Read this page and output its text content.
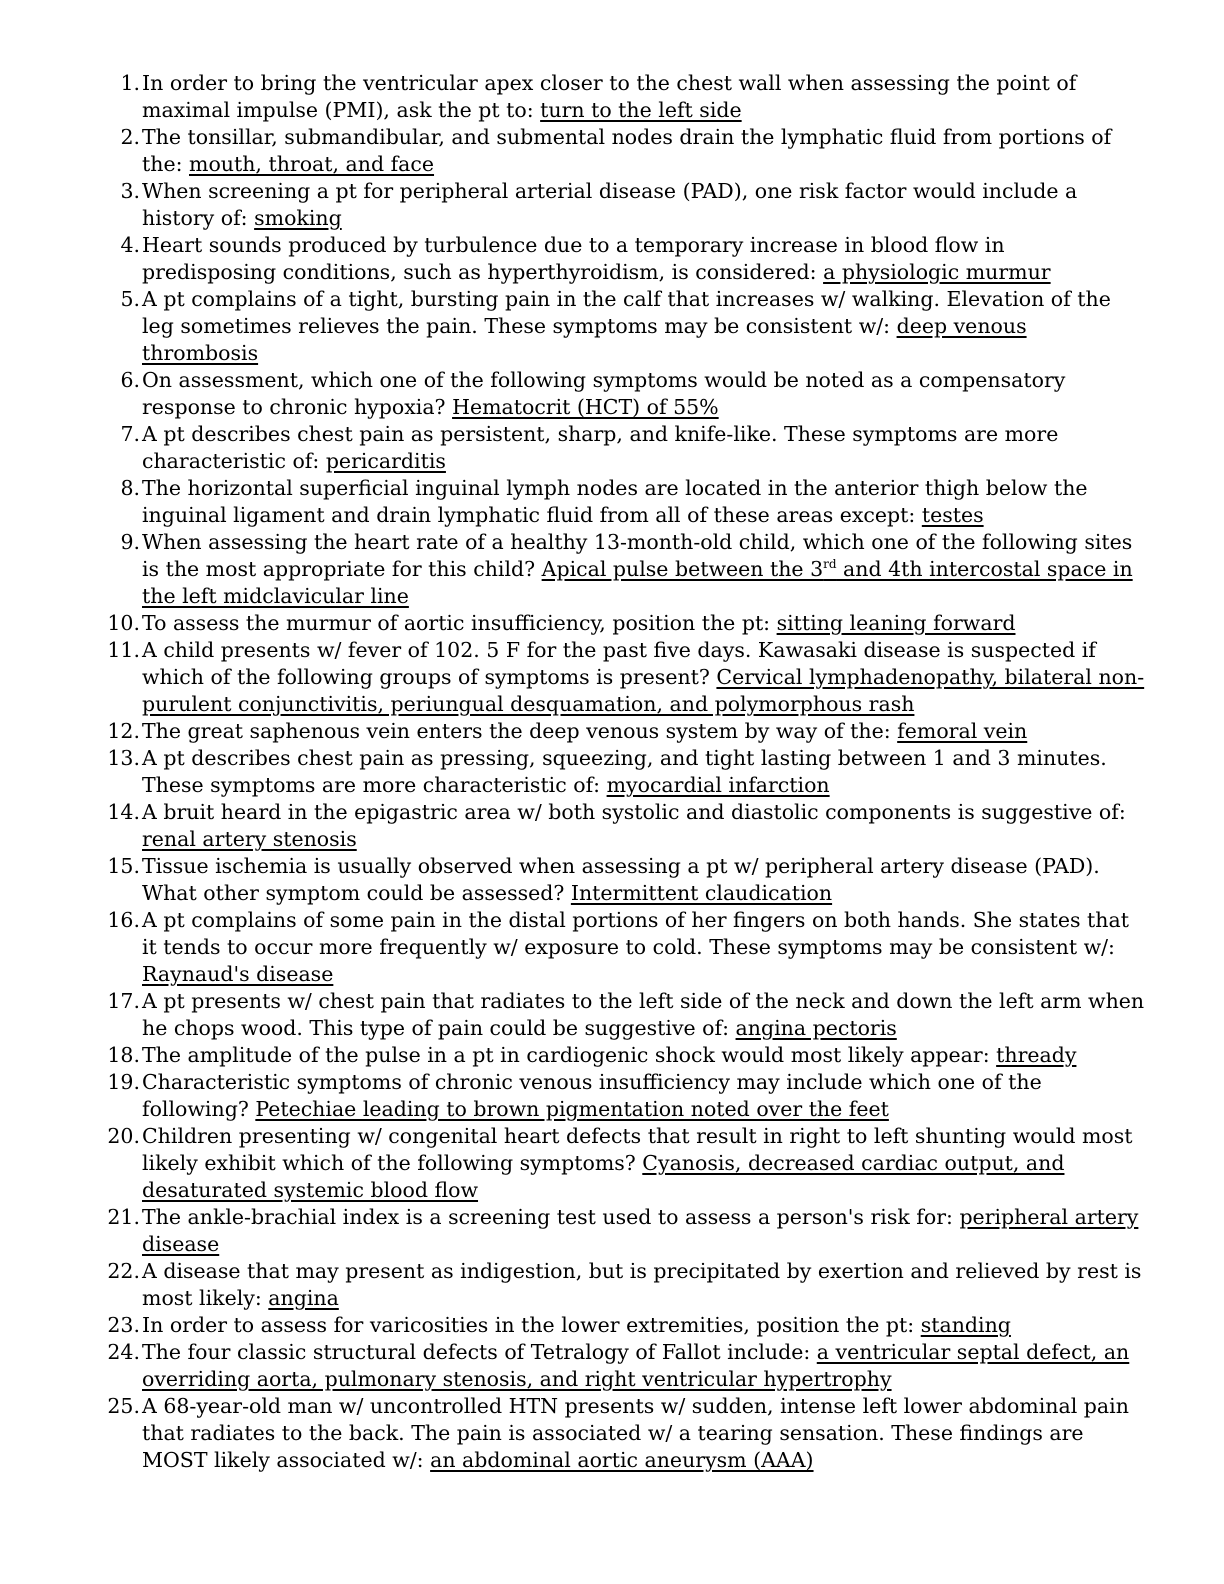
1. In order to bring the ventricular apex closer to the chest wall when assessing the point of maximal impulse (PMI), ask the pt to: turn to the left side
2. The tonsillar, submandibular, and submental nodes drain the lymphatic fluid from portions of the: mouth, throat, and face
3. When screening a pt for peripheral arterial disease (PAD), one risk factor would include a history of: smoking
4. Heart sounds produced by turbulence due to a temporary increase in blood flow in predisposing conditions, such as hyperthyroidism, is considered: a physiologic murmur
5. A pt complains of a tight, bursting pain in the calf that increases w/ walking. Elevation of the leg sometimes relieves the pain. These symptoms may be consistent w/: deep venous thrombosis
6. On assessment, which one of the following symptoms would be noted as a compensatory response to chronic hypoxia? Hematocrit (HCT) of 55%
7. A pt describes chest pain as persistent, sharp, and knife-like. These symptoms are more characteristic of: pericarditis
8. The horizontal superficial inguinal lymph nodes are located in the anterior thigh below the inguinal ligament and drain lymphatic fluid from all of these areas except: testes
9. When assessing the heart rate of a healthy 13-month-old child, which one of the following sites is the most appropriate for this child? Apical pulse between the 3rd and 4th intercostal space in the left midclavicular line
10. To assess the murmur of aortic insufficiency, position the pt: sitting leaning forward
11. A child presents w/ fever of 102. 5 F for the past five days. Kawasaki disease is suspected if which of the following groups of symptoms is present? Cervical lymphadenopathy, bilateral non-purulent conjunctivitis, periungual desquamation, and polymorphous rash
12. The great saphenous vein enters the deep venous system by way of the: femoral vein
13. A pt describes chest pain as pressing, squeezing, and tight lasting between 1 and 3 minutes. These symptoms are more characteristic of: myocardial infarction
14. A bruit heard in the epigastric area w/ both systolic and diastolic components is suggestive of: renal artery stenosis
15. Tissue ischemia is usually observed when assessing a pt w/ peripheral artery disease (PAD). What other symptom could be assessed? Intermittent claudication
16. A pt complains of some pain in the distal portions of her fingers on both hands. She states that it tends to occur more frequently w/ exposure to cold. These symptoms may be consistent w/: Raynaud's disease
17. A pt presents w/ chest pain that radiates to the left side of the neck and down the left arm when he chops wood. This type of pain could be suggestive of: angina pectoris
18. The amplitude of the pulse in a pt in cardiogenic shock would most likely appear: thready
19. Characteristic symptoms of chronic venous insufficiency may include which one of the following? Petechiae leading to brown pigmentation noted over the feet
20. Children presenting w/ congenital heart defects that result in right to left shunting would most likely exhibit which of the following symptoms? Cyanosis, decreased cardiac output, and desaturated systemic blood flow
21. The ankle-brachial index is a screening test used to assess a person's risk for: peripheral artery disease
22. A disease that may present as indigestion, but is precipitated by exertion and relieved by rest is most likely: angina
23. In order to assess for varicosities in the lower extremities, position the pt: standing
24. The four classic structural defects of Tetralogy of Fallot include: a ventricular septal defect, an overriding aorta, pulmonary stenosis, and right ventricular hypertrophy
25. A 68-year-old man w/ uncontrolled HTN presents w/ sudden, intense left lower abdominal pain that radiates to the back. The pain is associated w/ a tearing sensation. These findings are MOST likely associated w/: an abdominal aortic aneurysm (AAA)
